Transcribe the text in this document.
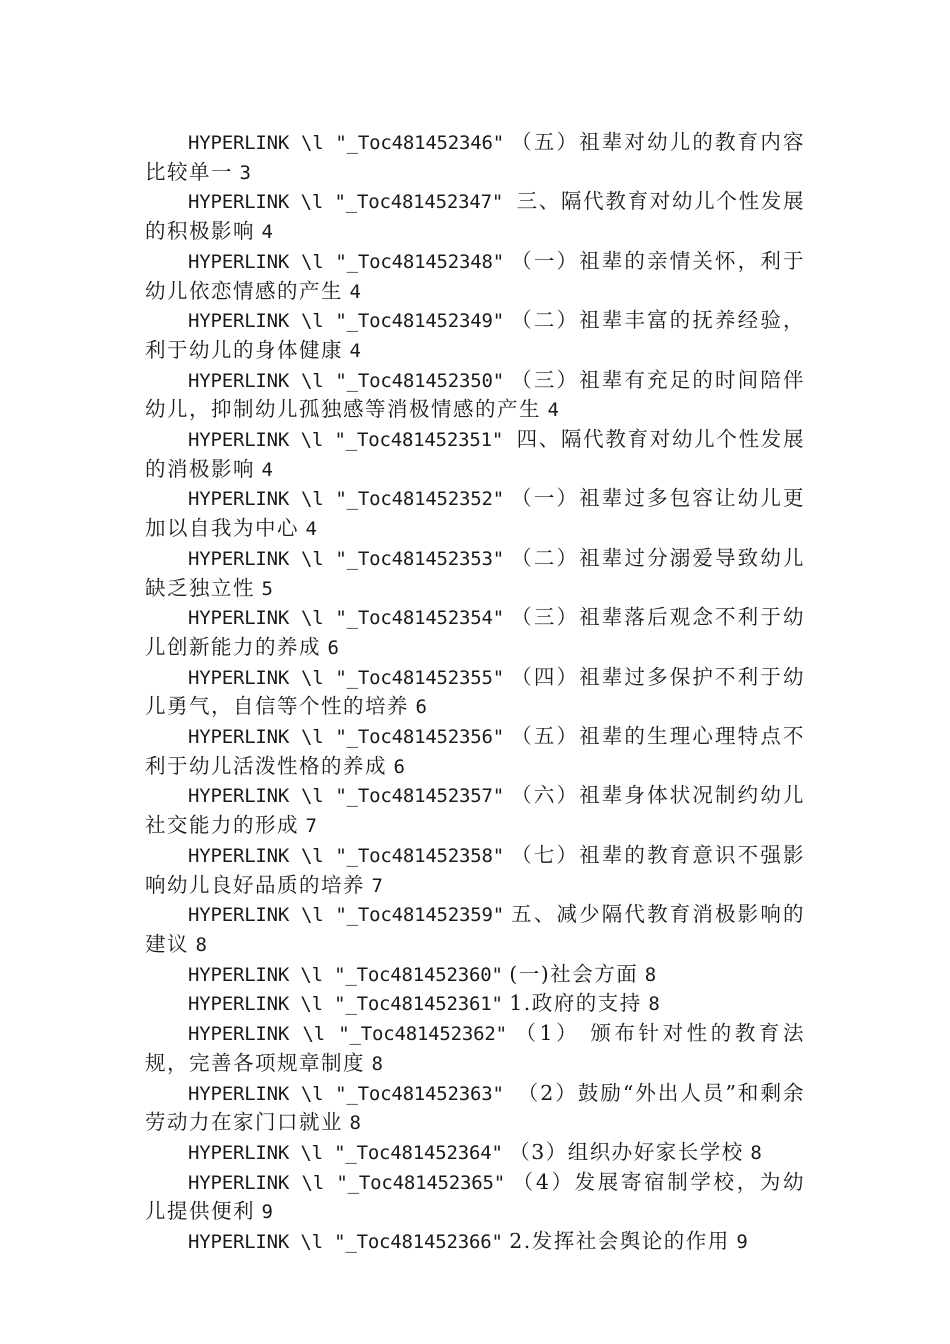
HYPERLINK \l "_Toc481452346" （五）祖辈对幼儿的教育内容比较单一 3

HYPERLINK \l "_Toc481452347" 三、隔代教育对幼儿个性发展的积极影响 4

HYPERLINK \l "_Toc481452348" （一）祖辈的亲情关怀，利于幼儿依恋情感的产生 4

HYPERLINK \l "_Toc481452349" （二）祖辈丰富的抚养经验，利于幼儿的身体健康 4

HYPERLINK \l "_Toc481452350" （三）祖辈有充足的时间陪伴幼儿，抑制幼儿孤独感等消极情感的产生 4

HYPERLINK \l "_Toc481452351" 四、隔代教育对幼儿个性发展的消极影响 4

HYPERLINK \l "_Toc481452352" （一）祖辈过多包容让幼儿更加以自我为中心 4

HYPERLINK \l "_Toc481452353" （二）祖辈过分溺爱导致幼儿缺乏独立性 5

HYPERLINK \l "_Toc481452354" （三）祖辈落后观念不利于幼儿创新能力的养成 6

HYPERLINK \l "_Toc481452355" （四）祖辈过多保护不利于幼儿勇气，自信等个性的培养 6

HYPERLINK \l "_Toc481452356" （五）祖辈的生理心理特点不利于幼儿活泼性格的养成 6

HYPERLINK \l "_Toc481452357" （六）祖辈身体状况制约幼儿社交能力的形成 7

HYPERLINK \l "_Toc481452358" （七）祖辈的教育意识不强影响幼儿良好品质的培养 7

HYPERLINK \l "_Toc481452359" 五、减少隔代教育消极影响的建议 8

HYPERLINK \l "_Toc481452360" (一)社会方面 8

HYPERLINK \l "_Toc481452361" 1.政府的支持 8

HYPERLINK \l "_Toc481452362" （1） 颁布针对性的教育法规，完善各项规章制度 8

HYPERLINK \l "_Toc481452363" （2）鼓励“外出人员”和剩余劳动力在家门口就业 8

HYPERLINK \l "_Toc481452364" （3）组织办好家长学校 8

HYPERLINK \l "_Toc481452365" （4）发展寄宿制学校，为幼儿提供便利 9

HYPERLINK \l "_Toc481452366" 2.发挥社会舆论的作用 9
